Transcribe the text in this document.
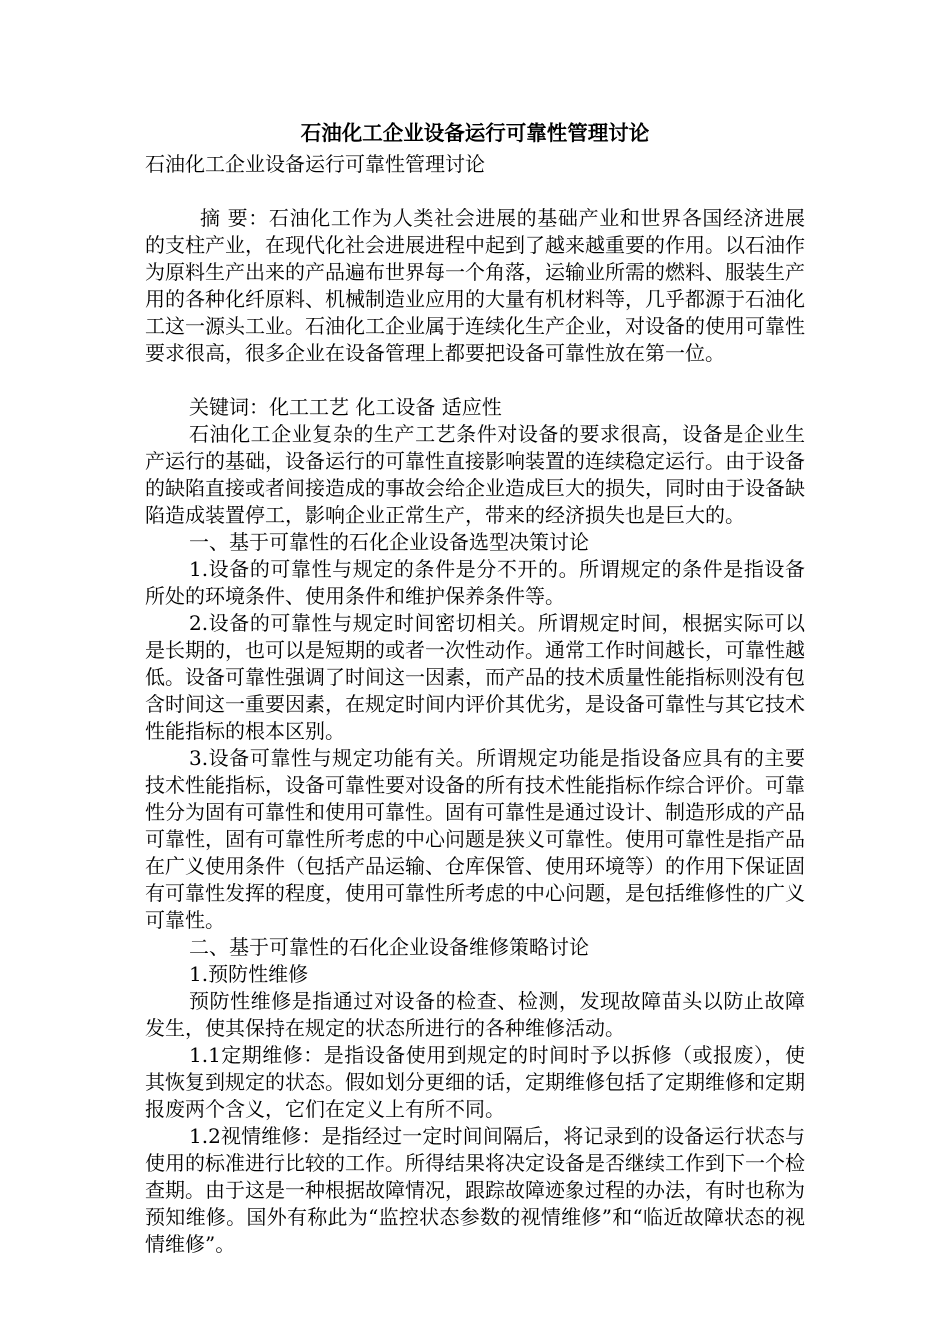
石油化工企业设备运行可靠性管理讨论
石油化工企业设备运行可靠性管理讨论

摘 要：石油化工作为人类社会进展的基础产业和世界各国经济进展的支柱产业，在现代化社会进展进程中起到了越来越重要的作用。以石油作为原料生产出来的产品遍布世界每一个角落，运输业所需的燃料、服装生产用的各种化纤原料、机械制造业应用的大量有机材料等，几乎都源于石油化工这一源头工业。石油化工企业属于连续化生产企业，对设备的使用可靠性要求很高，很多企业在设备管理上都要把设备可靠性放在第一位。

关键词：化工工艺 化工设备 适应性

石油化工企业复杂的生产工艺条件对设备的要求很高，设备是企业生产运行的基础，设备运行的可靠性直接影响装置的连续稳定运行。由于设备的缺陷直接或者间接造成的事故会给企业造成巨大的损失，同时由于设备缺陷造成装置停工，影响企业正常生产，带来的经济损失也是巨大的。

一、基于可靠性的石化企业设备选型决策讨论

1.设备的可靠性与规定的条件是分不开的。所谓规定的条件是指设备所处的环境条件、使用条件和维护保养条件等。

2.设备的可靠性与规定时间密切相关。所谓规定时间，根据实际可以是长期的，也可以是短期的或者一次性动作。通常工作时间越长，可靠性越低。设备可靠性强调了时间这一因素，而产品的技术质量性能指标则没有包含时间这一重要因素，在规定时间内评价其优劣，是设备可靠性与其它技术性能指标的根本区别。

3.设备可靠性与规定功能有关。所谓规定功能是指设备应具有的主要技术性能指标，设备可靠性要对设备的所有技术性能指标作综合评价。可靠性分为固有可靠性和使用可靠性。固有可靠性是通过设计、制造形成的产品可靠性，固有可靠性所考虑的中心问题是狭义可靠性。使用可靠性是指产品在广义使用条件（包括产品运输、仓库保管、使用环境等）的作用下保证固有可靠性发挥的程度，使用可靠性所考虑的中心问题，是包括维修性的广义可靠性。

二、基于可靠性的石化企业设备维修策略讨论

1.预防性维修

预防性维修是指通过对设备的检查、检测，发现故障苗头以防止故障发生，使其保持在规定的状态所进行的各种维修活动。

1.1定期维修：是指设备使用到规定的时间时予以拆修（或报废），使其恢复到规定的状态。假如划分更细的话，定期维修包括了定期维修和定期报废两个含义，它们在定义上有所不同。

1.2视情维修：是指经过一定时间间隔后，将记录到的设备运行状态与使用的标准进行比较的工作。所得结果将决定设备是否继续工作到下一个检查期。由于这是一种根据故障情况，跟踪故障迹象过程的办法，有时也称为预知维修。国外有称此为“监控状态参数的视情维修”和“临近故障状态的视情维修”。
